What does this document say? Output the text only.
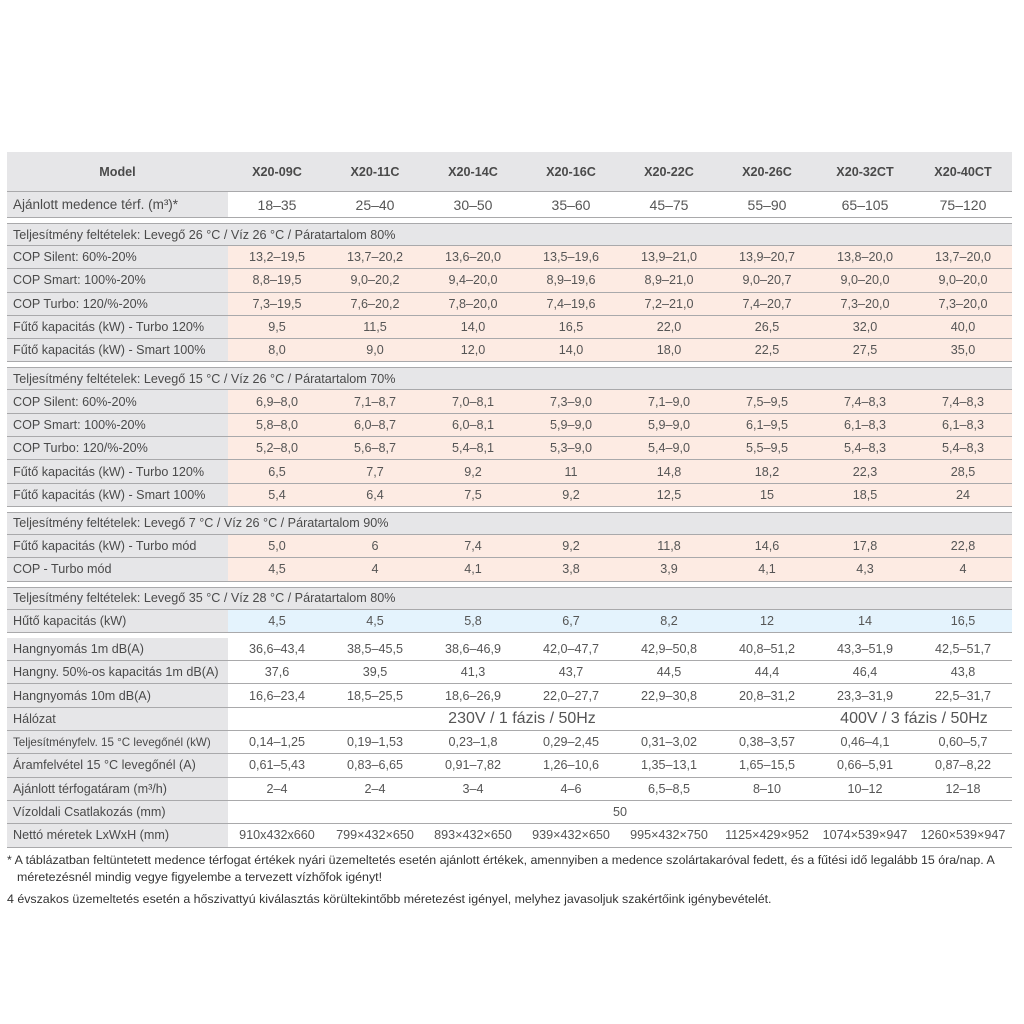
Model	X20-09C	X20-11C	X20-14C	X20-16C	X20-22C	X20-26C	X20-32CT	X20-40CT
Ajánlott medence térf. (m³)*	18–35	25–40	30–50	35–60	45–75	55–90	65–105	75–120
Teljesítmény feltételek: Levegő 26 °C / Víz 26 °C / Páratartalom 80%
COP Silent: 60%-20%	13,2–19,5	13,7–20,2	13,6–20,0	13,5–19,6	13,9–21,0	13,9–20,7	13,8–20,0	13,7–20,0
COP Smart: 100%-20%	8,8–19,5	9,0–20,2	9,4–20,0	8,9–19,6	8,9–21,0	9,0–20,7	9,0–20,0	9,0–20,0
COP Turbo: 120/%-20%	7,3–19,5	7,6–20,2	7,8–20,0	7,4–19,6	7,2–21,0	7,4–20,7	7,3–20,0	7,3–20,0
Fűtő kapacitás (kW) - Turbo 120%	9,5	11,5	14,0	16,5	22,0	26,5	32,0	40,0
Fűtő kapacitás (kW) - Smart 100%	8,0	9,0	12,0	14,0	18,0	22,5	27,5	35,0
Teljesítmény feltételek: Levegő 15 °C / Víz 26 °C / Páratartalom 70%
COP Silent: 60%-20%	6,9–8,0	7,1–8,7	7,0–8,1	7,3–9,0	7,1–9,0	7,5–9,5	7,4–8,3	7,4–8,3
COP Smart: 100%-20%	5,8–8,0	6,0–8,7	6,0–8,1	5,9–9,0	5,9–9,0	6,1–9,5	6,1–8,3	6,1–8,3
COP Turbo: 120/%-20%	5,2–8,0	5,6–8,7	5,4–8,1	5,3–9,0	5,4–9,0	5,5–9,5	5,4–8,3	5,4–8,3
Fűtő kapacitás (kW) - Turbo 120%	6,5	7,7	9,2	11	14,8	18,2	22,3	28,5
Fűtő kapacitás (kW) - Smart 100%	5,4	6,4	7,5	9,2	12,5	15	18,5	24
Teljesítmény feltételek: Levegő 7 °C / Víz 26 °C / Páratartalom 90%
Fűtő kapacitás (kW) - Turbo mód	5,0	6	7,4	9,2	11,8	14,6	17,8	22,8
COP - Turbo mód	4,5	4	4,1	3,8	3,9	4,1	4,3	4
Teljesítmény feltételek: Levegő 35 °C / Víz 28 °C / Páratartalom 80%
Hűtő kapacitás (kW)	4,5	4,5	5,8	6,7	8,2	12	14	16,5
Hangnyomás 1m dB(A)	36,6–43,4	38,5–45,5	38,6–46,9	42,0–47,7	42,9–50,8	40,8–51,2	43,3–51,9	42,5–51,7
Hangny. 50%-os kapacitás 1m dB(A)	37,6	39,5	41,3	43,7	44,5	44,4	46,4	43,8
Hangnyomás 10m dB(A)	16,6–23,4	18,5–25,5	18,6–26,9	22,0–27,7	22,9–30,8	20,8–31,2	23,3–31,9	22,5–31,7
Hálózat	230V / 1 fázis / 50Hz	400V / 3 fázis / 50Hz
Teljesítményfelv. 15 °C levegőnél (kW)	0,14–1,25	0,19–1,53	0,23–1,8	0,29–2,45	0,31–3,02	0,38–3,57	0,46–4,1	0,60–5,7
Áramfelvétel 15 °C levegőnél (A)	0,61–5,43	0,83–6,65	0,91–7,82	1,26–10,6	1,35–13,1	1,65–15,5	0,66–5,91	0,87–8,22
Ajánlott térfogatáram (m³/h)	2–4	2–4	3–4	4–6	6,5–8,5	8–10	10–12	12–18
Vízoldali Csatlakozás (mm)	50
Nettó méretek LxWxH (mm)	910x432x660	799×432×650	893×432×650	939×432×650	995×432×750	1125×429×952	1074×539×947	1260×539×947

* A táblázatban feltüntetett medence térfogat értékek nyári üzemeltetés esetén ajánlott értékek, amennyiben a medence szolártakaróval fedett, és a fűtési idő legalább 15 óra/nap. A méretezésnél mindig vegye figyelembe a tervezett vízhőfok igényt!

4 évszakos üzemeltetés esetén a hőszivattyú kiválasztás körültekintőbb méretezést igényel, melyhez javasoljuk szakértőink igénybevételét.
